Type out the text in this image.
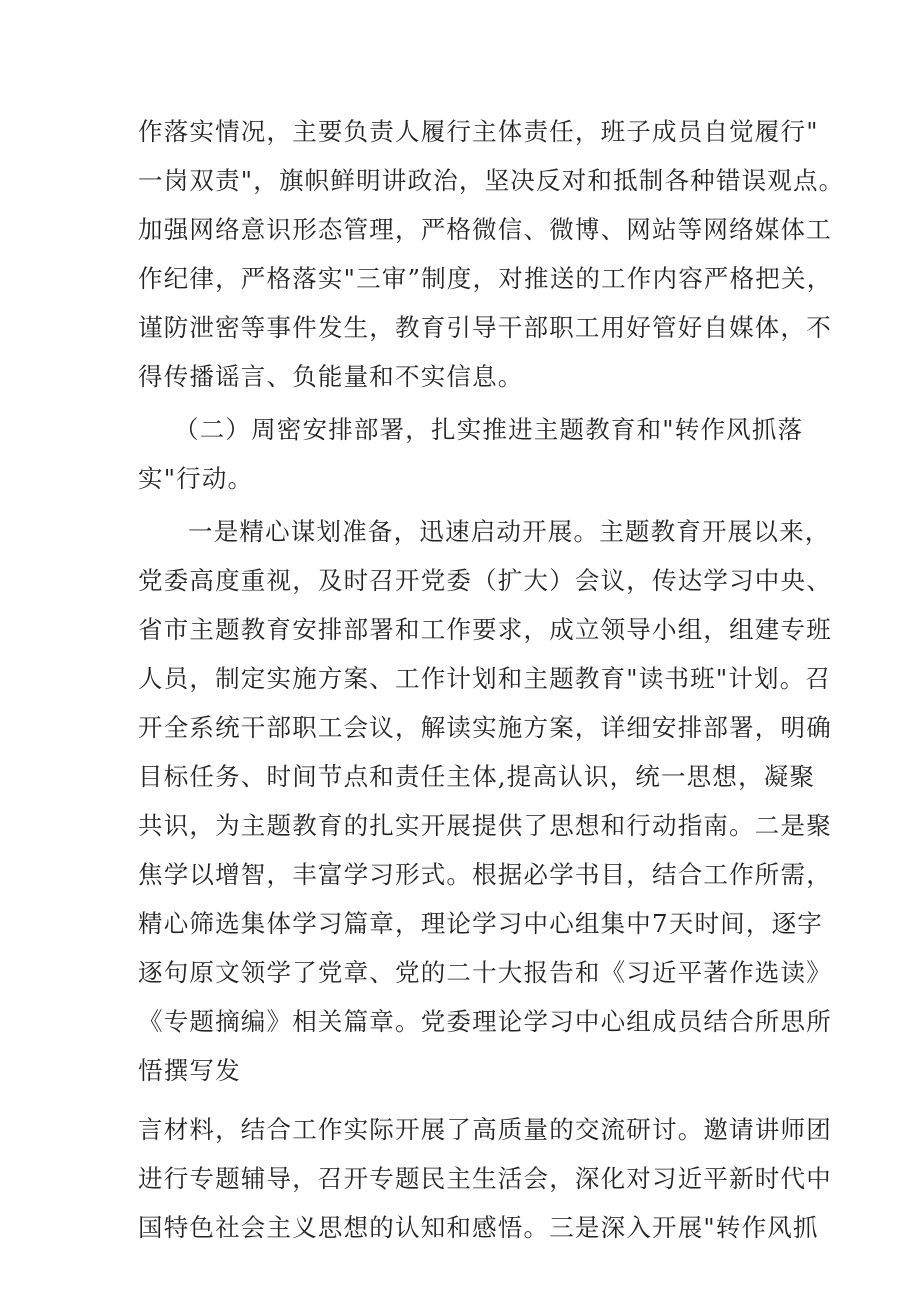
作落实情况，主要负责人履行主体责任，班子成员自觉履行"
一岗双责"，旗帜鲜明讲政治，坚决反对和抵制各种错误观点。
加强网络意识形态管理，严格微信、微博、网站等网络媒体工
作纪律，严格落实"三审”制度，对推送的工作内容严格把关，
谨防泄密等事件发生，教育引导干部职工用好管好自媒体，不
得传播谣言、负能量和不实信息。
（二）周密安排部署，扎实推进主题教育和"转作风抓落
实"行动。
一是精心谋划准备，迅速启动开展。主题教育开展以来，
党委高度重视，及时召开党委（扩大）会议，传达学习中央、
省市主题教育安排部署和工作要求，成立领导小组，组建专班
人员，制定实施方案、工作计划和主题教育"读书班"计划。召
开全系统干部职工会议，解读实施方案，详细安排部署，明确
目标任务、时间节点和责任主体,提高认识，统一思想，凝聚
共识，为主题教育的扎实开展提供了思想和行动指南。二是聚
焦学以增智，丰富学习形式。根据必学书目，结合工作所需，
精心筛选集体学习篇章，理论学习中心组集中7天时间，逐字
逐句原文领学了党章、党的二十大报告和《习近平著作选读》
《专题摘编》相关篇章。党委理论学习中心组成员结合所思所
悟撰写发
言材料，结合工作实际开展了高质量的交流研讨。邀请讲师团
进行专题辅导，召开专题民主生活会，深化对习近平新时代中
国特色社会主义思想的认知和感悟。三是深入开展"转作风抓
